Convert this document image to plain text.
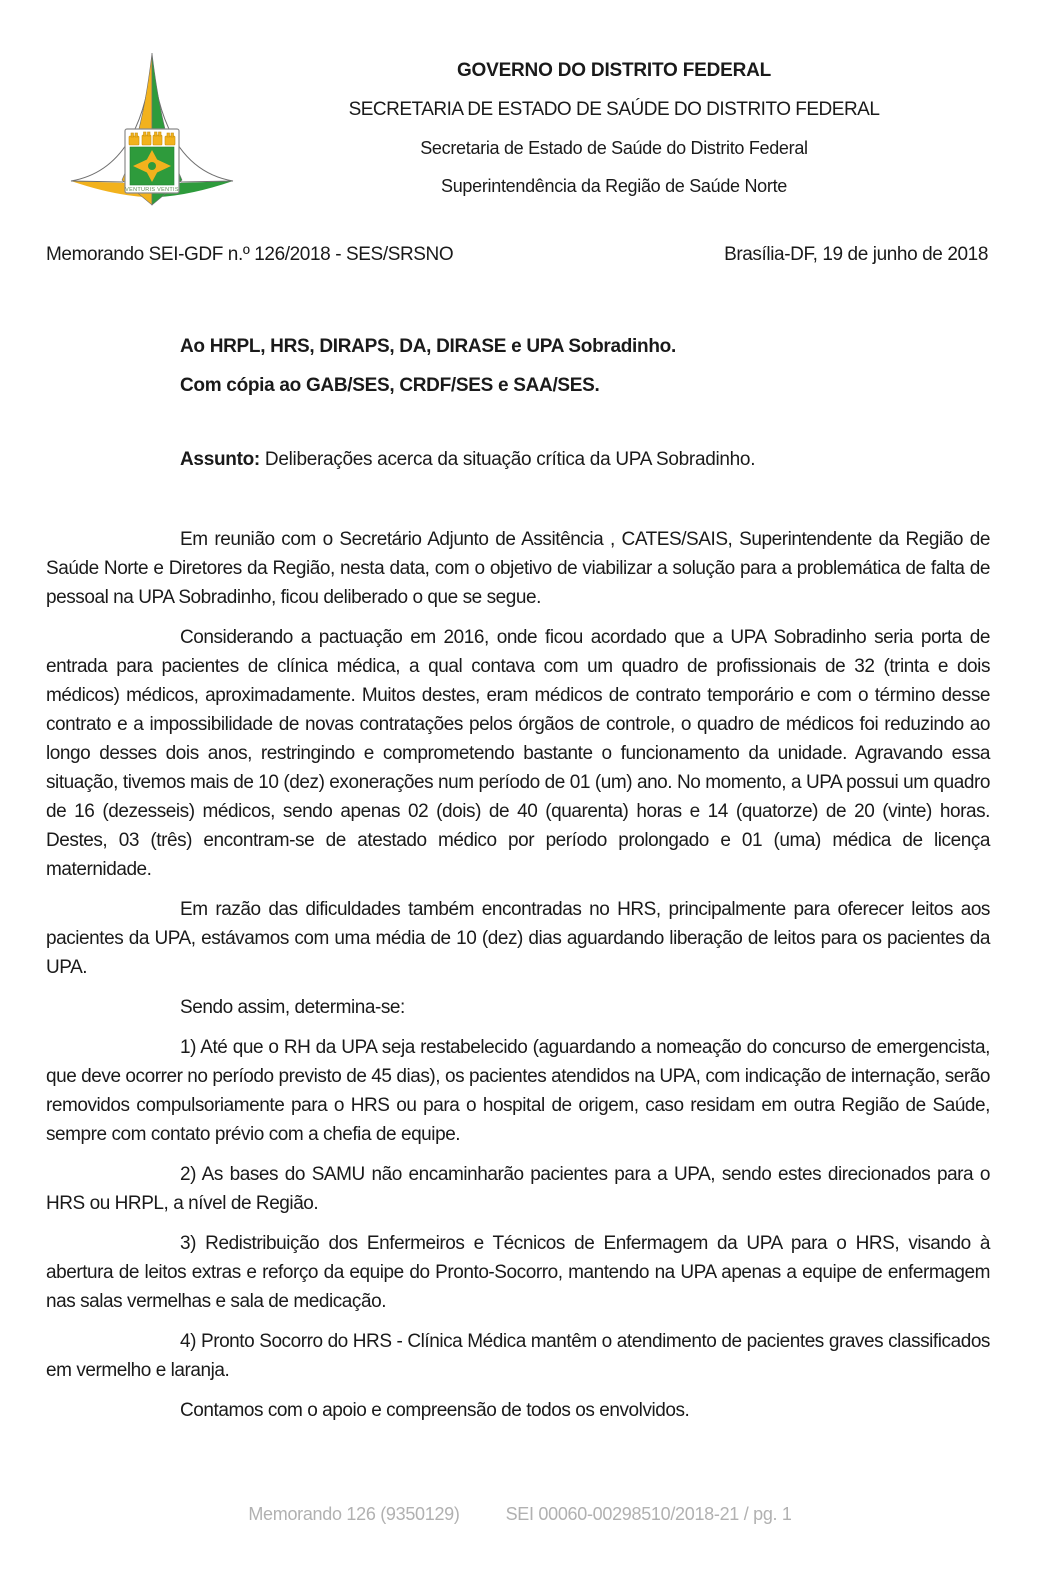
VENTURIS VENTIS
GOVERNO DO DISTRITO FEDERAL
SECRETARIA DE ESTADO DE SAÚDE DO DISTRITO FEDERAL
Secretaria de Estado de Saúde do Distrito Federal
Superintendência da Região de Saúde Norte
Memorando SEI-GDF n.º 126/2018 - SES/SRSNO	Brasília-DF, 19 de junho de 2018
Ao HRPL, HRS, DIRAPS, DA, DIRASE e UPA Sobradinho.
Com cópia ao GAB/SES, CRDF/SES e SAA/SES.
Assunto: Deliberações acerca da situação crítica da UPA Sobradinho.

Em reunião com o Secretário Adjunto de Assitência , CATES/SAIS, Superintendente da Região de Saúde Norte e Diretores da Região, nesta data, com o objetivo de viabilizar a solução para a problemática de falta de pessoal na UPA Sobradinho, ficou deliberado o que se segue.

Considerando a pactuação em 2016, onde ficou acordado que a UPA Sobradinho seria porta de entrada para pacientes de clínica médica, a qual contava com um quadro de profissionais de 32 (trinta e dois médicos) médicos, aproximadamente. Muitos destes, eram médicos de contrato temporário e com o término desse contrato e a impossibilidade de novas contratações pelos órgãos de controle, o quadro de médicos foi reduzindo ao longo desses dois anos, restringindo e comprometendo bastante o funcionamento da unidade. Agravando essa situação, tivemos mais de 10 (dez) exonerações num período de 01 (um) ano. No momento, a UPA possui um quadro de 16 (dezesseis) médicos, sendo apenas 02 (dois) de 40 (quarenta) horas e 14 (quatorze) de 20 (vinte) horas. Destes, 03 (três) encontram-se de atestado médico por período prolongado e 01 (uma) médica de licença maternidade.

Em razão das dificuldades também encontradas no HRS, principalmente para oferecer leitos aos pacientes da UPA, estávamos com uma média de 10 (dez) dias aguardando liberação de leitos para os pacientes da UPA.

Sendo assim, determina-se:

1) Até que o RH da UPA seja restabelecido (aguardando a nomeação do concurso de emergencista, que deve ocorrer no período previsto de 45 dias), os pacientes atendidos na UPA, com indicação de internação, serão removidos compulsoriamente para o HRS ou para o hospital de origem, caso residam em outra Região de Saúde, sempre com contato prévio com a chefia de equipe.

2) As bases do SAMU não encaminharão pacientes para a UPA, sendo estes direcionados para o HRS ou HRPL, a nível de Região.

3) Redistribuição dos Enfermeiros e Técnicos de Enfermagem da UPA para o HRS, visando à abertura de leitos extras e reforço da equipe do Pronto-Socorro, mantendo na UPA apenas a equipe de enfermagem nas salas vermelhas e sala de medicação.

4) Pronto Socorro do HRS - Clínica Médica mantêm o atendimento de pacientes graves classificados em vermelho e laranja.

Contamos com o apoio e compreensão de todos os envolvidos.

Memorando 126 (9350129)	SEI 00060-00298510/2018-21 / pg. 1
